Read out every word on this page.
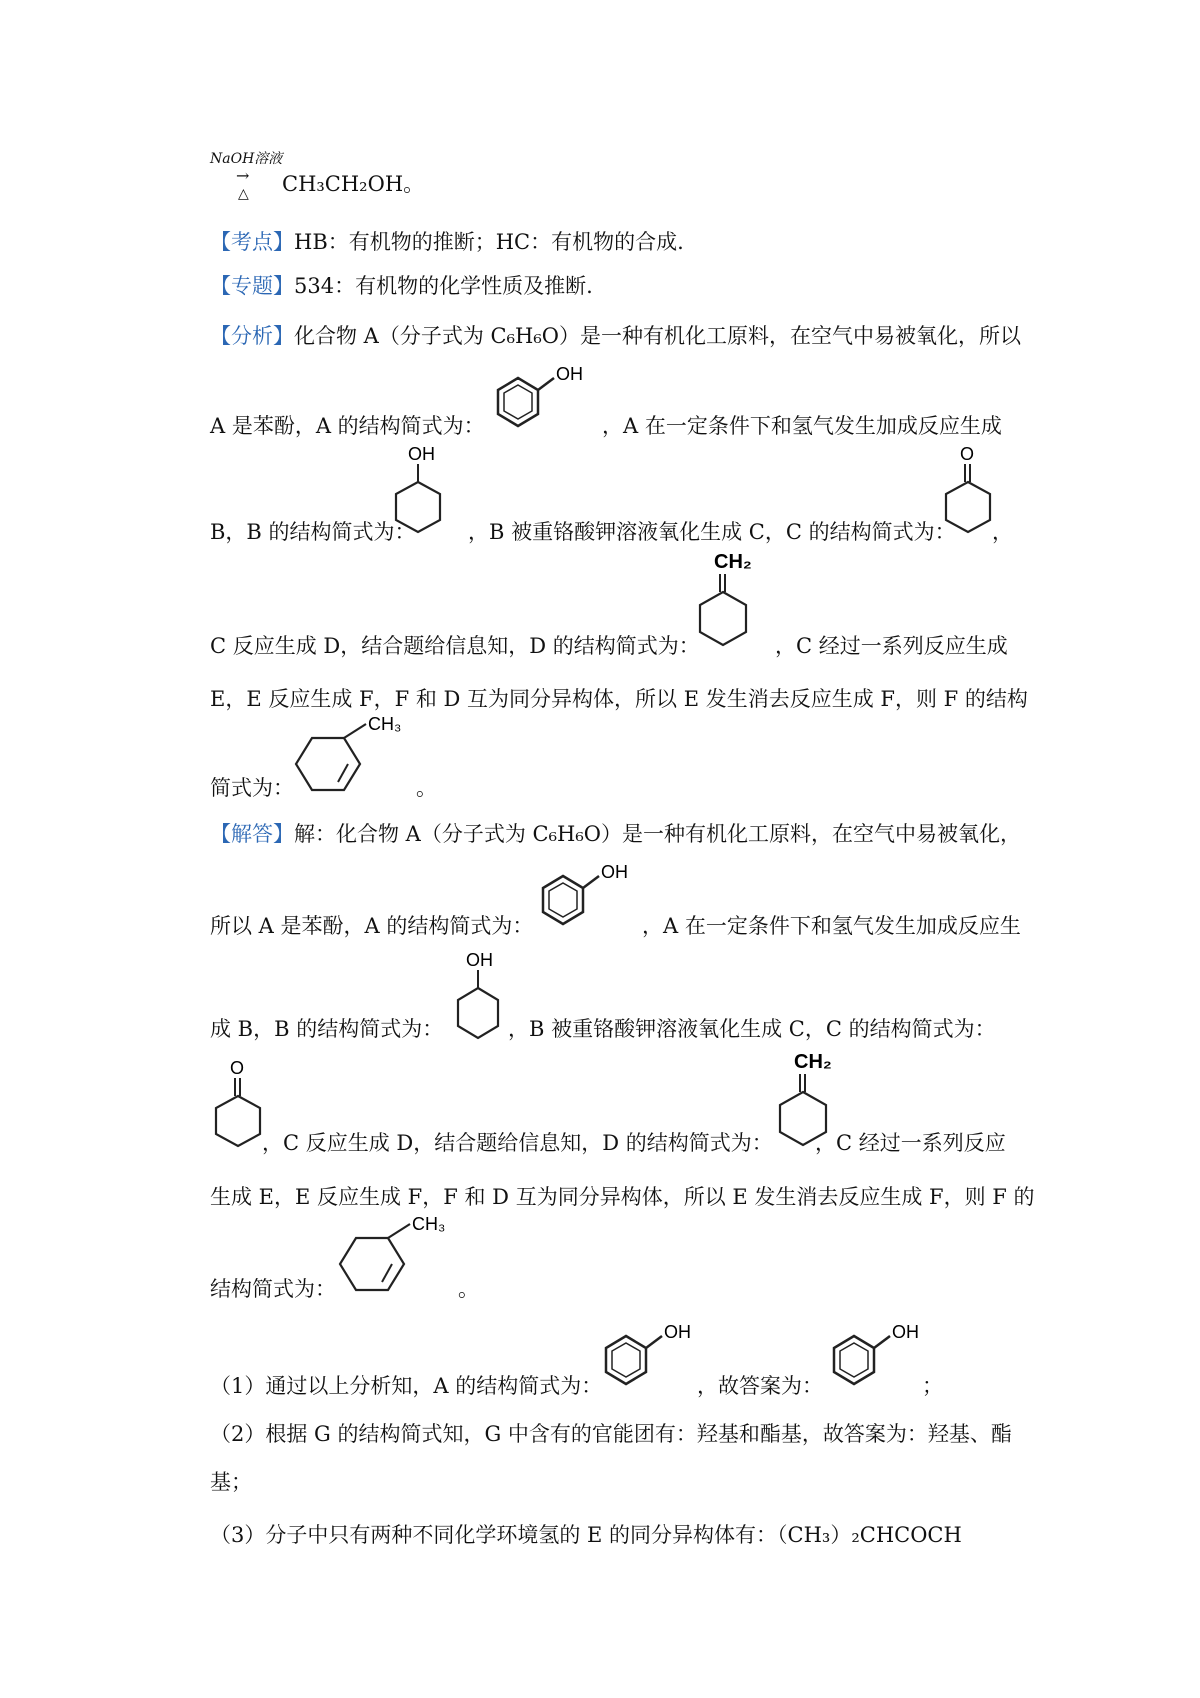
NaOH溶液
→
△ CH₃CH₂OH。
【考点】HB：有机物的推断；HC：有机物的合成.
【专题】534：有机物的化学性质及推断.
【分析】化合物 A（分子式为 C₆H₆O）是一种有机化工原料，在空气中易被氧化，所以
A 是苯酚，A 的结构简式为：	，A 在一定条件下和氢气发生加成反应生成
B，B 的结构简式为： ，B 被重铬酸钾溶液氧化生成 C，C 的结构简式为： ，
C 反应生成 D，结合题给信息知，D 的结构简式为：	，C 经过一系列反应生成
E，E 反应生成 F，F 和 D 互为同分异构体，所以 E 发生消去反应生成 F，则 F 的结构
简式为：	。
【解答】解：化合物 A（分子式为 C₆H₆O）是一种有机化工原料，在空气中易被氧化，
所以 A 是苯酚，A 的结构简式为：	，A 在一定条件下和氢气发生加成反应生
成 B，B 的结构简式为：	，B 被重铬酸钾溶液氧化生成 C，C 的结构简式为：
，C 反应生成 D，结合题给信息知，D 的结构简式为： ，C 经过一系列反应
生成 E，E 反应生成 F，F 和 D 互为同分异构体，所以 E 发生消去反应生成 F，则 F 的
结构简式为：	。
（1）通过以上分析知，A 的结构简式为：	，故答案为：	；
（2）根据 G 的结构简式知，G 中含有的官能团有：羟基和酯基，故答案为：羟基、酯
基；
（3）分子中只有两种不同化学环境氢的 E 的同分异构体有：（CH₃）₂CHCOCH
OH
OH	O
CH₂
CH₃
OH
OH
O	CH₂
CH₃
OH	OH
